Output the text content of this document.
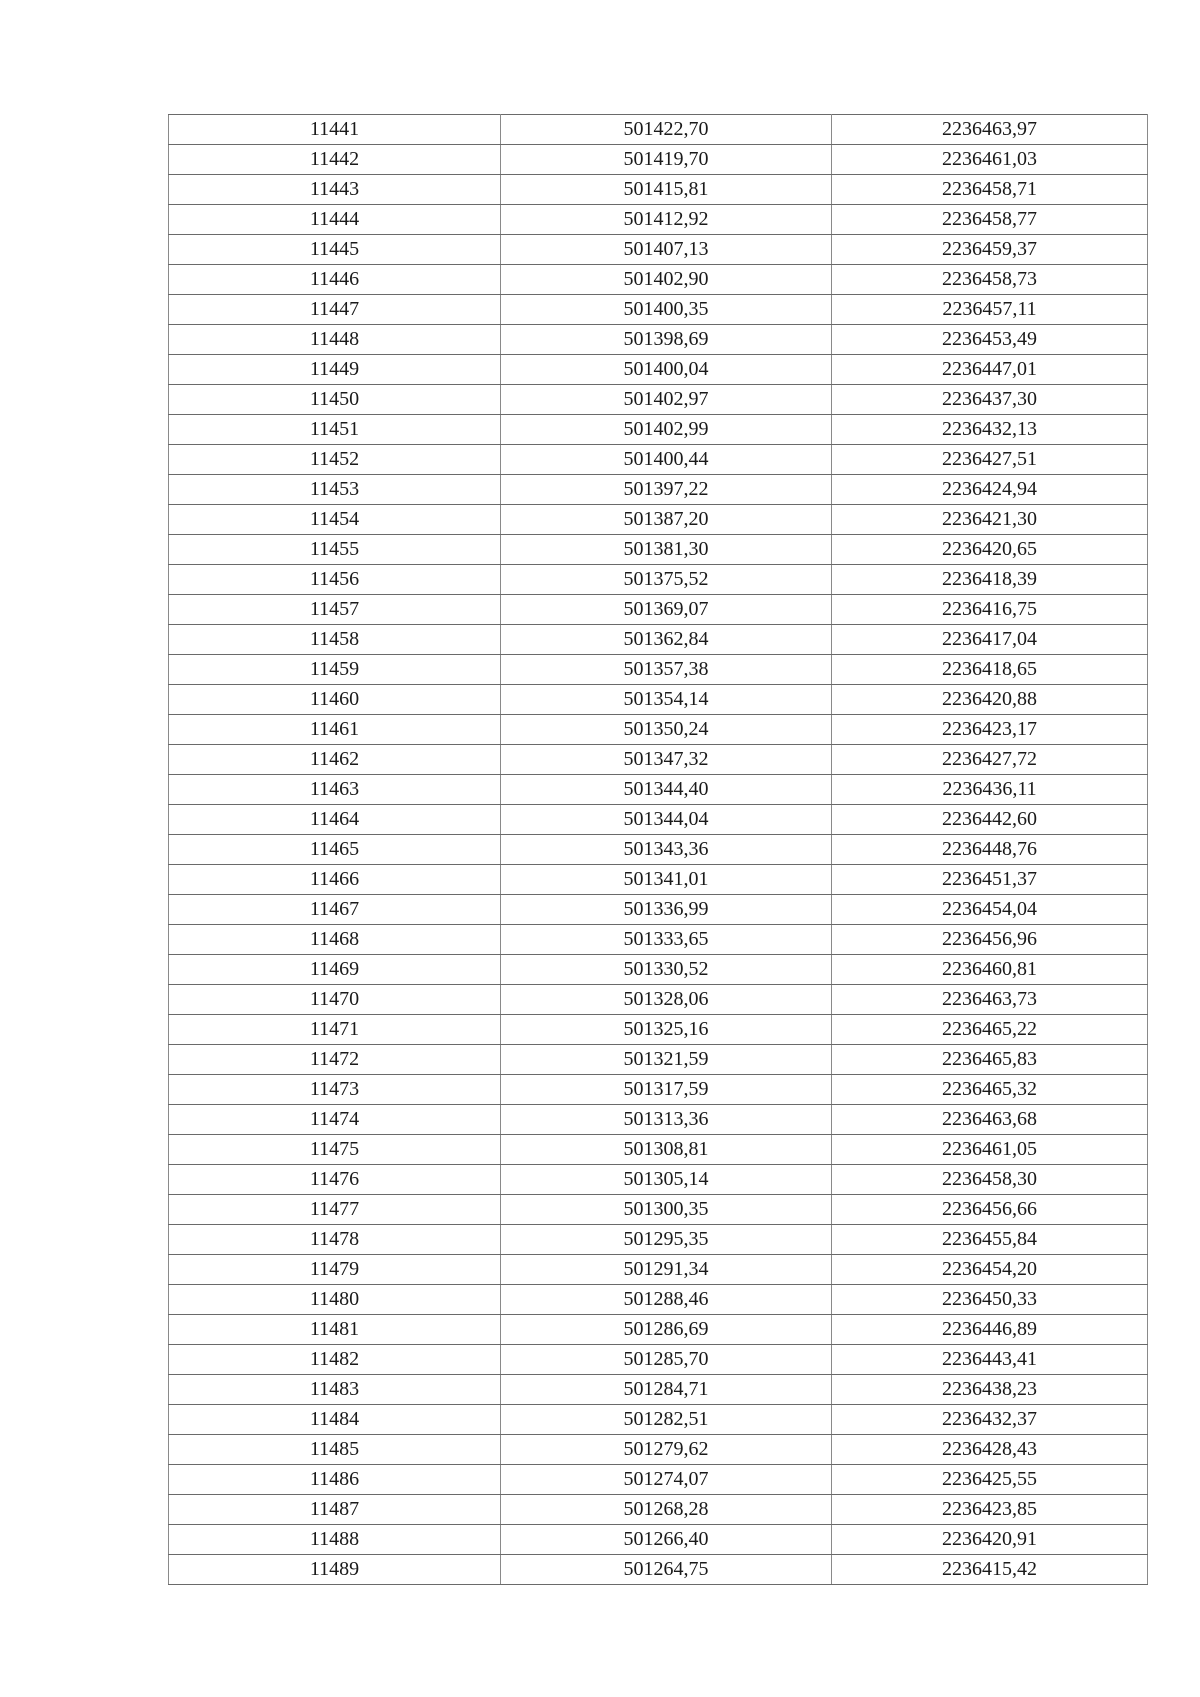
11441	501422,70	2236463,97
11442	501419,70	2236461,03
11443	501415,81	2236458,71
11444	501412,92	2236458,77
11445	501407,13	2236459,37
11446	501402,90	2236458,73
11447	501400,35	2236457,11
11448	501398,69	2236453,49
11449	501400,04	2236447,01
11450	501402,97	2236437,30
11451	501402,99	2236432,13
11452	501400,44	2236427,51
11453	501397,22	2236424,94
11454	501387,20	2236421,30
11455	501381,30	2236420,65
11456	501375,52	2236418,39
11457	501369,07	2236416,75
11458	501362,84	2236417,04
11459	501357,38	2236418,65
11460	501354,14	2236420,88
11461	501350,24	2236423,17
11462	501347,32	2236427,72
11463	501344,40	2236436,11
11464	501344,04	2236442,60
11465	501343,36	2236448,76
11466	501341,01	2236451,37
11467	501336,99	2236454,04
11468	501333,65	2236456,96
11469	501330,52	2236460,81
11470	501328,06	2236463,73
11471	501325,16	2236465,22
11472	501321,59	2236465,83
11473	501317,59	2236465,32
11474	501313,36	2236463,68
11475	501308,81	2236461,05
11476	501305,14	2236458,30
11477	501300,35	2236456,66
11478	501295,35	2236455,84
11479	501291,34	2236454,20
11480	501288,46	2236450,33
11481	501286,69	2236446,89
11482	501285,70	2236443,41
11483	501284,71	2236438,23
11484	501282,51	2236432,37
11485	501279,62	2236428,43
11486	501274,07	2236425,55
11487	501268,28	2236423,85
11488	501266,40	2236420,91
11489	501264,75	2236415,42
